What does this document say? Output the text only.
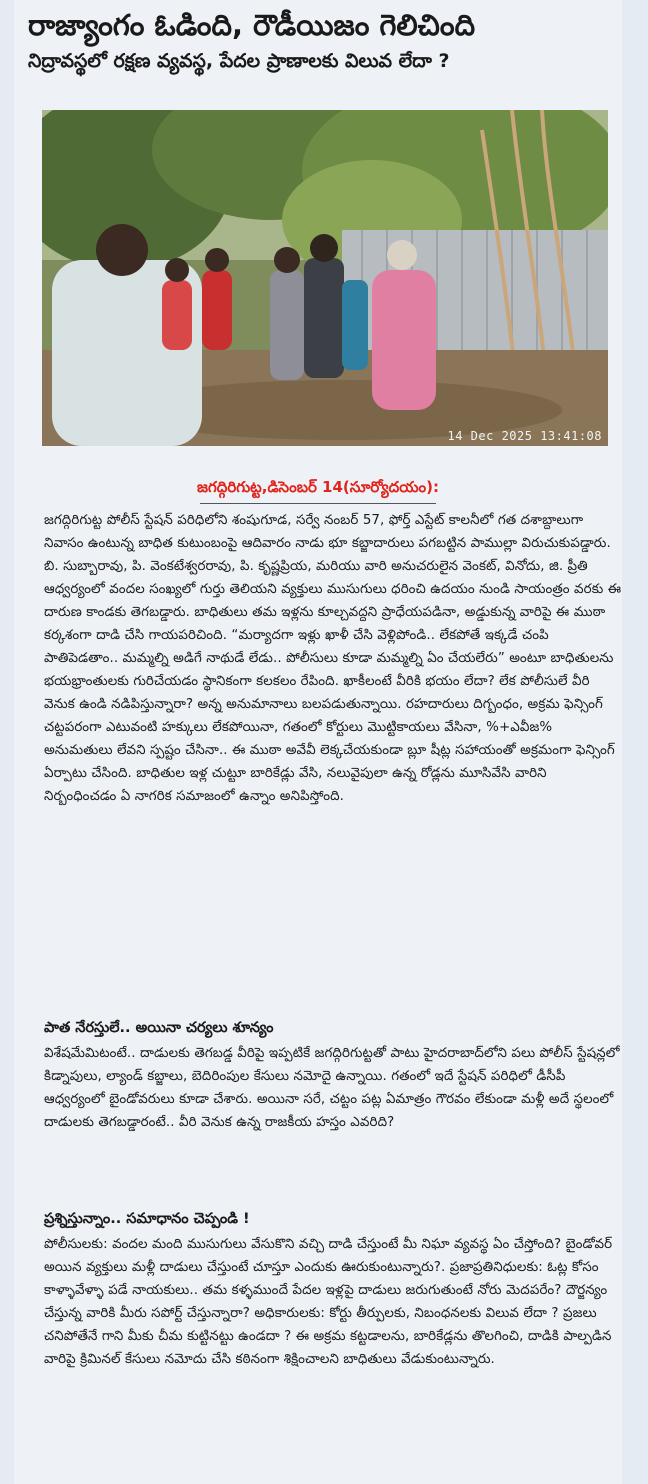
రాజ్యాంగం ఓడింది, రౌడీయిజం గెలిచింది
నిద్రావస్థలో రక్షణ వ్యవస్థ, పేదల ప్రాణాలకు విలువ లేదా ?
14 Dec 2025 13:41:08
జగద్గిరిగుట్ట,డిసెంబర్ 14(సూర్యోదయం):
జగద్గిరిగుట్ట పోలీస్ స్టేషన్ పరిధిలోని శంషుగూడ, సర్వే నంబర్ 57, ఫోర్త్ ఎస్టేట్ కాలనీలో గత దశాబ్దాలుగా నివాసం ఉంటున్న బాధిత కుటుంబంపై ఆదివారం నాడు భూ కబ్జాదారులు పగబట్టిన పాముల్లా విరుచుకుపడ్డారు. బి. సుబ్బారావు, పి. వెంకటేశ్వరరావు, పి. కృష్ణప్రియ, మరియు వారి అనుచరులైన వెంకట్, వినోదు, జి. ప్రీతి ఆధ్వర్యంలో వందల సంఖ్యలో గుర్తు తెలియని వ్యక్తులు ముసుగులు ధరించి ఉదయం నుండి సాయంత్రం వరకు ఈ దారుణ కాండకు తెగబడ్డారు. బాధితులు తమ ఇళ్లను కూల్చవద్దని ప్రాధేయపడినా, అడ్డుకున్న వారిపై ఈ ముఠా కర్కశంగా దాడి చేసి గాయపరిచింది. “మర్యాదగా ఇళ్లు ఖాళీ చేసి వెళ్లిపోండి.. లేకపోతే ఇక్కడే చంపి పాతిపెడతాం.. మమ్మల్ని అడిగే నాథుడే లేడు.. పోలీసులు కూడా మమ్మల్ని ఏం చేయలేరు” అంటూ బాధితులను భయభ్రాంతులకు గురిచేయడం స్థానికంగా కలకలం రేపింది. ఖాకీలంటే వీరికి భయం లేదా? లేక పోలీసులే వీరి వెనుక ఉండి నడిపిస్తున్నారా? అన్న అనుమానాలు బలపడుతున్నాయి. రహదారులు దిగ్బంధం, అక్రమ ఫెన్సింగ్ చట్టపరంగా ఎటువంటి హక్కులు లేకపోయినా, గతంలో కోర్టులు మొట్టికాయలు వేసినా, %+ఎవీజ% అనుమతులు లేవని స్పష్టం చేసినా.. ఈ ముఠా అవేవీ లెక్కచేయకుండా బ్లూ షీట్ల సహాయంతో అక్రమంగా ఫెన్సింగ్ ఏర్పాటు చేసింది. బాధితుల ఇళ్ల చుట్టూ బారికేడ్లు వేసి, నలువైపులా ఉన్న రోడ్లను మూసివేసి వారిని నిర్బంధించడం ఏ నాగరిక సమాజంలో ఉన్నాం అనిపిస్తోంది.
పాత నేరస్తులే.. అయినా చర్యలు శూన్యం
విశేషమేమిటంటే.. దాడులకు తెగబడ్డ వీరిపై ఇప్పటికే జగద్గిరిగుట్టతో పాటు హైదరాబాద్‌లోని పలు పోలీస్ స్టేషన్లలో కిడ్నాపులు, ల్యాండ్ కబ్జాలు, బెదిరింపుల కేసులు నమోదై ఉన్నాయి. గతంలో ఇదే స్టేషన్ పరిధిలో డీసీపీ ఆధ్వర్యంలో బైండోవరులు కూడా చేశారు. అయినా సరే, చట్టం పట్ల ఏమాత్రం గౌరవం లేకుండా మళ్లీ అదే స్థలంలో దాడులకు తెగబడ్డారంటే.. వీరి వెనుక ఉన్న రాజకీయ హస్తం ఎవరిది?
ప్రశ్నిస్తున్నాం.. సమాధానం చెప్పండి !
పోలీసులకు: వందల మంది ముసుగులు వేసుకొని వచ్చి దాడి చేస్తుంటే మీ నిఘా వ్యవస్థ ఏం చేస్తోంది? బైండోవర్ అయిన వ్యక్తులు మళ్లీ దాడులు చేస్తుంటే చూస్తూ ఎందుకు ఊరుకుంటున్నారు?. ప్రజాప్రతినిధులకు: ఓట్ల కోసం కాళ్ళావేళ్ళా పడే నాయకులు.. తమ కళ్ళముందే పేదల ఇళ్లపై దాడులు జరుగుతుంటే నోరు మెదపరేం? దౌర్జన్యం చేస్తున్న వారికి మీరు సపోర్ట్ చేస్తున్నారా? అధికారులకు: కోర్టు తీర్పులకు, నిబంధనలకు విలువ లేదా ? ప్రజలు చనిపోతేనే గాని మీకు చీమ కుట్టినట్టు ఉండదా ? ఈ అక్రమ కట్టడాలను, బారికేడ్లను తొలగించి, దాడికి పాల్పడిన వారిపై క్రిమినల్ కేసులు నమోదు చేసి కఠినంగా శిక్షించాలని బాధితులు వేడుకుంటున్నారు.
